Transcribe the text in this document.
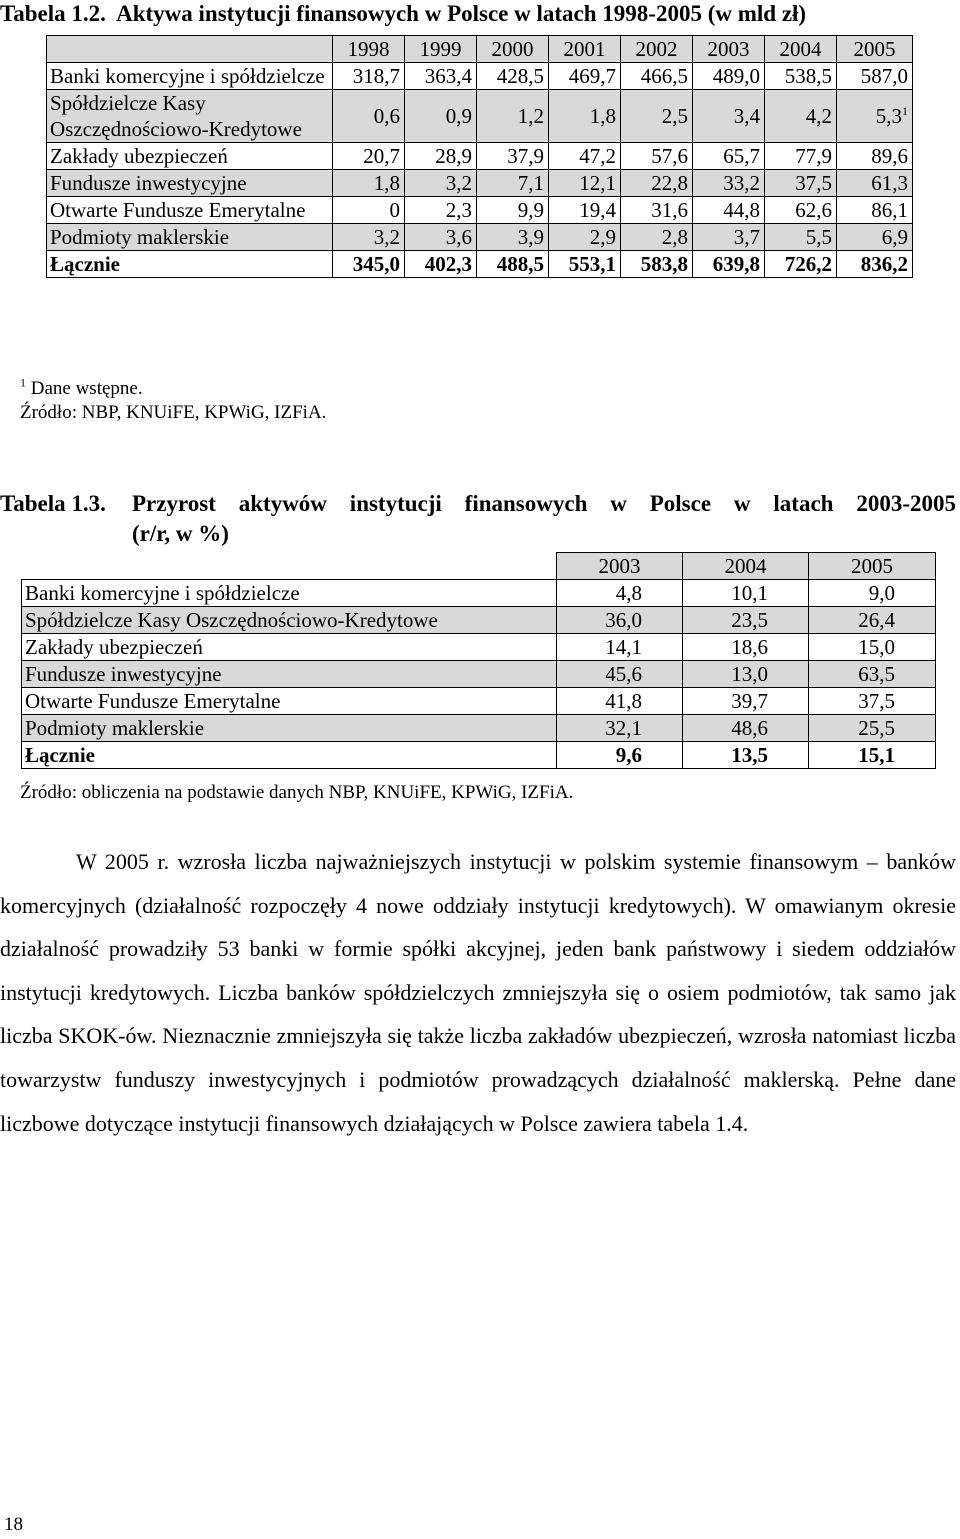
Tabela 1.2. Aktywa instytucji finansowych w Polsce w latach 1998-2005 (w mld zł)
	1998	1999	2000	2001	2002	2003	2004	2005
Banki komercyjne i spółdzielcze	318,7	363,4	428,5	469,7	466,5	489,0	538,5	587,0
Spółdzielcze Kasy Oszczędnościowo-Kredytowe	0,6	0,9	1,2	1,8	2,5	3,4	4,2	$5,3^1$
Zakłady ubezpieczeń	20,7	28,9	37,9	47,2	57,6	65,7	77,9	89,6
Fundusze inwestycyjne	1,8	3,2	7,1	12,1	22,8	33,2	37,5	61,3
Otwarte Fundusze Emerytalne	0	2,3	9,9	19,4	31,6	44,8	62,6	86,1
Podmioty maklerskie	3,2	3,6	3,9	2,9	2,8	3,7	5,5	6,9
Łącznie	345,0	402,3	488,5	553,1	583,8	639,8	726,2	836,2
$^1$ Dane wstępne.
Źródło: NBP, KNUiFE, KPWiG, IZFiA.
Tabela 1.3. Przyrost aktywów instytucji finansowych w Polsce w latach 2003-2005
(r/r, w %)
	2003	2004	2005
Banki komercyjne i spółdzielcze	4,8	10,1	9,0
Spółdzielcze Kasy Oszczędnościowo-Kredytowe	36,0	23,5	26,4
Zakłady ubezpieczeń	14,1	18,6	15,0
Fundusze inwestycyjne	45,6	13,0	63,5
Otwarte Fundusze Emerytalne	41,8	39,7	37,5
Podmioty maklerskie	32,1	48,6	25,5
Łącznie	9,6	13,5	15,1
Źródło: obliczenia na podstawie danych NBP, KNUiFE, KPWiG, IZFiA.
W 2005 r. wzrosła liczba najważniejszych instytucji w polskim systemie finansowym – banków komercyjnych (działalność rozpoczęły 4 nowe oddziały instytucji kredytowych). W omawianym okresie działalność prowadziły 53 banki w formie spółki akcyjnej, jeden bank państwowy i siedem oddziałów instytucji kredytowych. Liczba banków spółdzielczych zmniejszyła się o osiem podmiotów, tak samo jak liczba SKOK-ów. Nieznacznie zmniejszyła się także liczba zakładów ubezpieczeń, wzrosła natomiast liczba towarzystw funduszy inwestycyjnych i podmiotów prowadzących działalność maklerską. Pełne dane liczbowe dotyczące instytucji finansowych działających w Polsce zawiera tabela 1.4.
18
